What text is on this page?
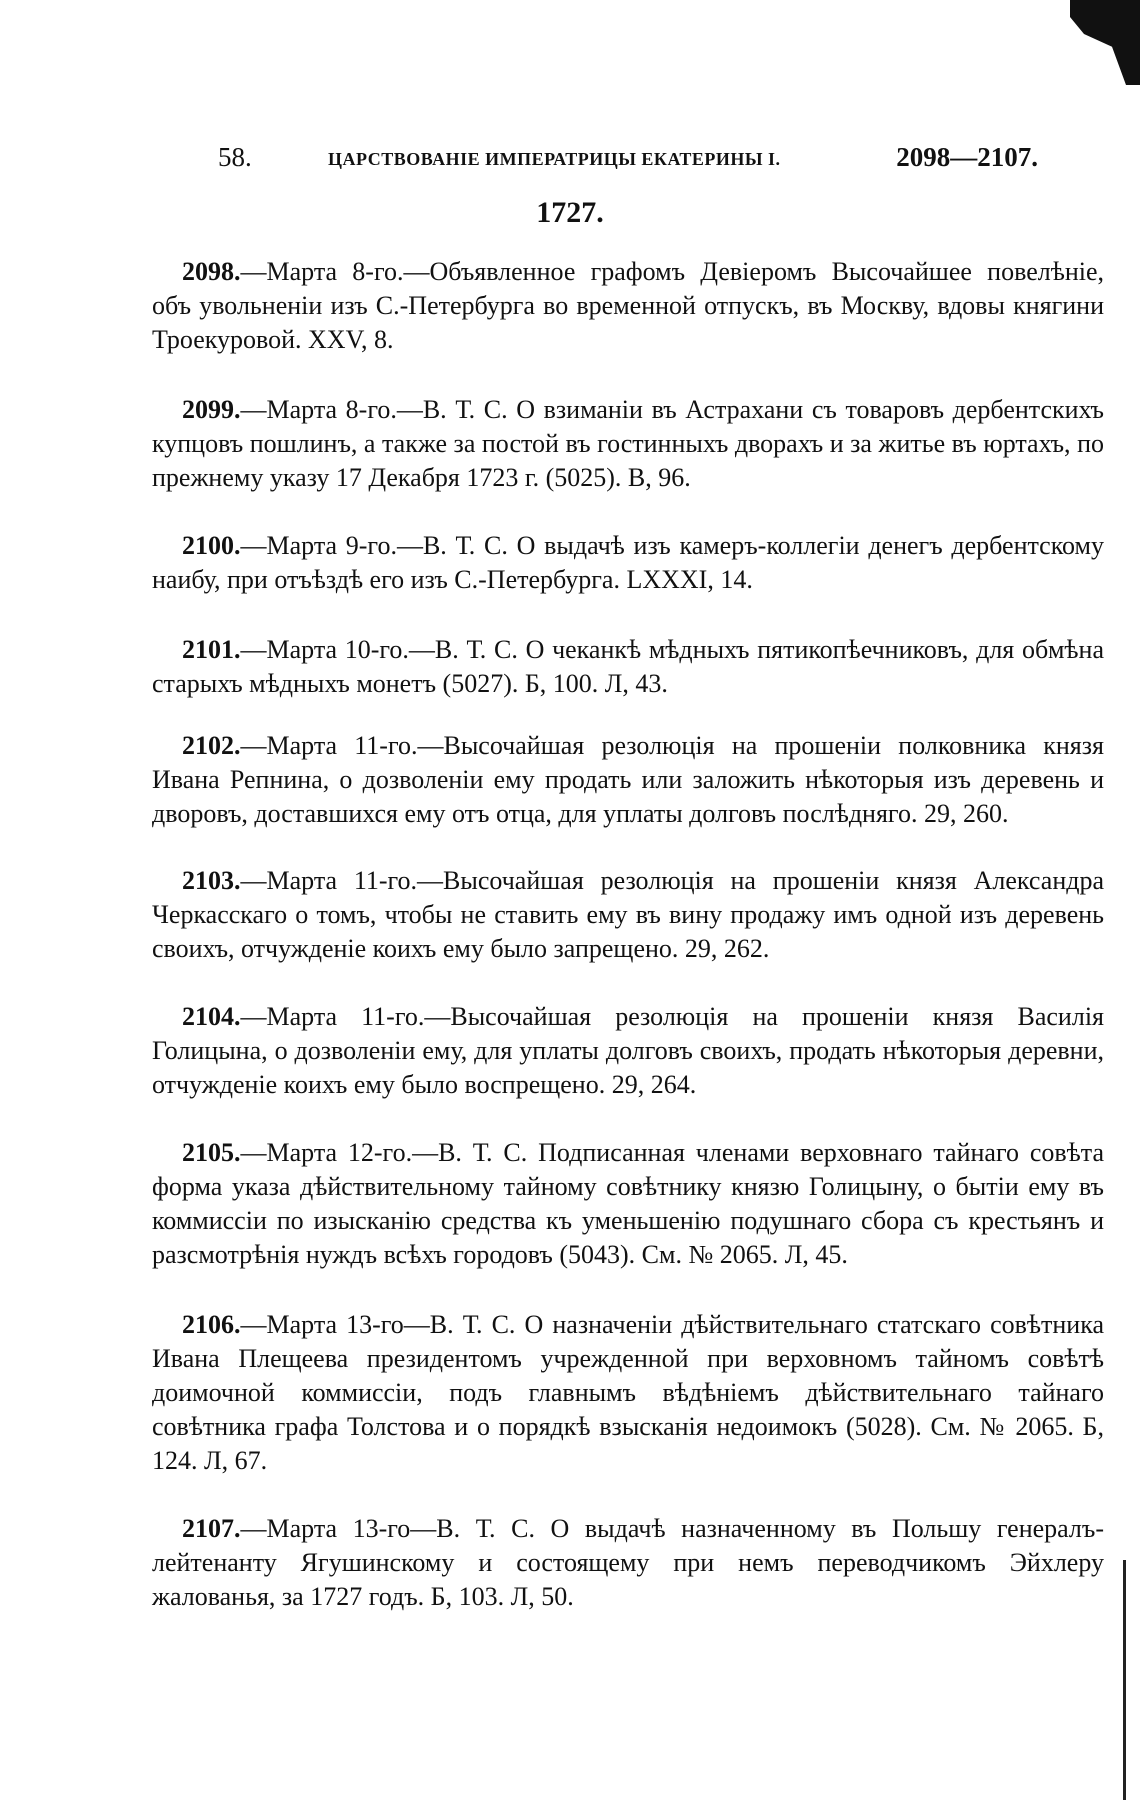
58.	ЦАРСТВОВАНІЕ ИМПЕРАТРИЦЫ ЕКАТЕРИНЫ I.	2098—2107.
1727.
2098.—Марта 8-го.—Объявленное графомъ Девіеромъ Высочайшее повелѣніе, объ увольненіи изъ С.-Петербурга во временной отпускъ, въ Москву, вдовы княгини Троекуровой. XXV, 8.
2099.—Марта 8-го.—В. Т. С. О взиманіи въ Астрахани съ товаровъ дербентскихъ купцовъ пошлинъ, а также за постой въ гостинныхъ дворахъ и за житье въ юртахъ, по прежнему указу 17 Декабря 1723 г. (5025). В, 96.
2100.—Марта 9-го.—В. Т. С. О выдачѣ изъ камеръ-коллегіи денегъ дербентскому наибу, при отъѣздѣ его изъ С.-Петербурга. LXXXI, 14.
2101.—Марта 10-го.—В. Т. С. О чеканкѣ мѣдныхъ пятикопѣечниковъ, для обмѣна старыхъ мѣдныхъ монетъ (5027). Б, 100. Л, 43.
2102.—Марта 11-го.—Высочайшая резолюція на прошеніи полковника князя Ивана Репнина, о дозволеніи ему продать или заложить нѣкоторыя изъ деревень и дворовъ, доставшихся ему отъ отца, для уплаты долговъ послѣдняго. 29, 260.
2103.—Марта 11-го.—Высочайшая резолюція на прошеніи князя Александра Черкасскаго о томъ, чтобы не ставить ему въ вину продажу имъ одной изъ деревень своихъ, отчужденіе коихъ ему было запрещено. 29, 262.
2104.—Марта 11-го.—Высочайшая резолюція на прошеніи князя Василія Голицына, о дозволеніи ему, для уплаты долговъ своихъ, продать нѣкоторыя деревни, отчужденіе коихъ ему было воспрещено. 29, 264.
2105.—Марта 12-го.—В. Т. С. Подписанная членами верховнаго тайнаго совѣта форма указа дѣйствительному тайному совѣтнику князю Голицыну, о бытіи ему въ коммиссіи по изысканію средства къ уменьшенію подушнаго сбора съ крестьянъ и разсмотрѣнія нуждъ всѣхъ городовъ (5043). См. № 2065. Л, 45.
2106.—Марта 13-го—В. Т. С. О назначеніи дѣйствительнаго статскаго совѣтника Ивана Плещеева президентомъ учрежденной при верховномъ тайномъ совѣтѣ доимочной коммиссіи, подъ главнымъ вѣдѣніемъ дѣйствительнаго тайнаго совѣтника графа Толстова и о порядкѣ взысканія недоимокъ (5028). См. № 2065. Б, 124. Л, 67.
2107.—Марта 13-го—В. Т. С. О выдачѣ назначенному въ Польшу генералъ-лейтенанту Ягушинскому и состоящему при немъ переводчикомъ Эйхлеру жалованья, за 1727 годъ. Б, 103. Л, 50.
